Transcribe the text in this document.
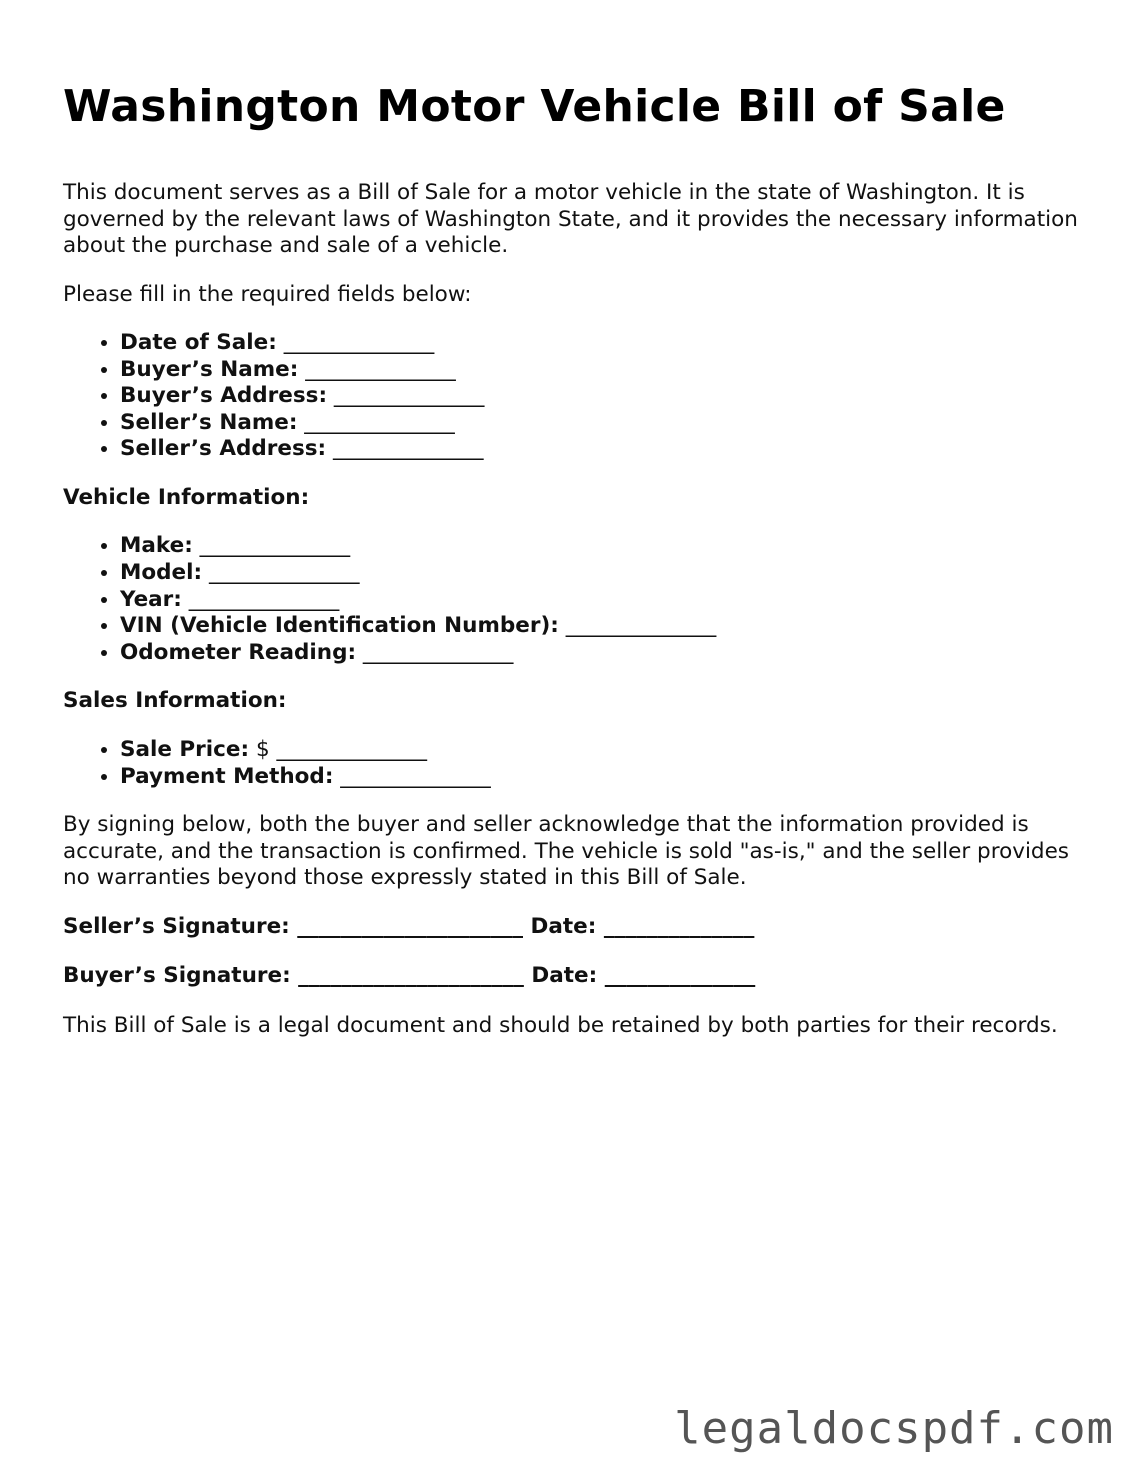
Washington Motor Vehicle Bill of Sale

This document serves as a Bill of Sale for a motor vehicle in the state of Washington. It is governed by the relevant laws of Washington State, and it provides the necessary information about the purchase and sale of a vehicle.

Please fill in the required fields below:

• Date of Sale: ______________
• Buyer’s Name: ______________
• Buyer’s Address: ______________
• Seller’s Name: ______________
• Seller’s Address: ______________
Vehicle Information:
• Make: ______________
• Model: ______________
• Year: ______________
• VIN (Vehicle Identification Number): ______________
• Odometer Reading: ______________
Sales Information:
• Sale Price: $ ______________
• Payment Method: ______________

By signing below, both the buyer and seller acknowledge that the information provided is accurate, and the transaction is confirmed. The vehicle is sold "as-is," and the seller provides no warranties beyond those expressly stated in this Bill of Sale.

Seller’s Signature: _____________________ Date: ______________
Buyer’s Signature: _____________________ Date: ______________

This Bill of Sale is a legal document and should be retained by both parties for their records.

legaldocspdf.com
